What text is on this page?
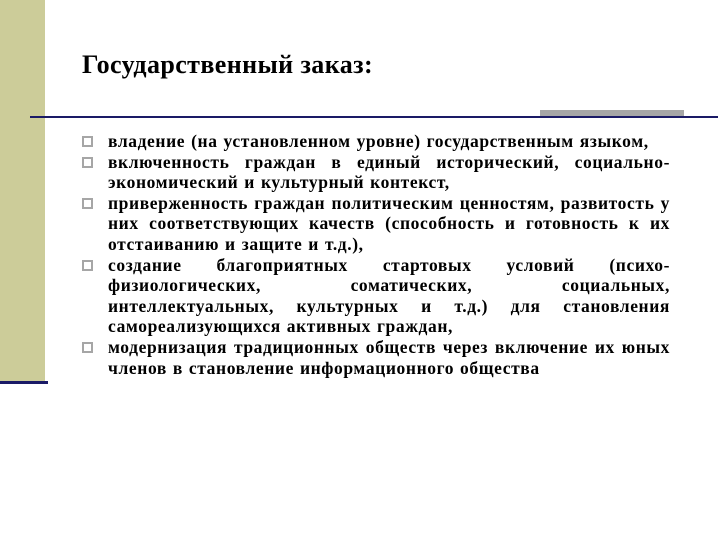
Государственный заказ:
владение (на установленном уровне) государственным языком,
включенность граждан в единый исторический, социально-экономический и культурный контекст,
приверженность граждан политическим ценностям, развитость у них соответствующих качеств (способность и готовность к их отстаиванию и защите и т.д.),
создание благоприятных стартовых условий (психо-физиологических, соматических, социальных, интеллектуальных, культурных и т.д.) для становления самореализующихся активных граждан,
модернизация традиционных обществ через включение их юных членов в становление информационного общества
